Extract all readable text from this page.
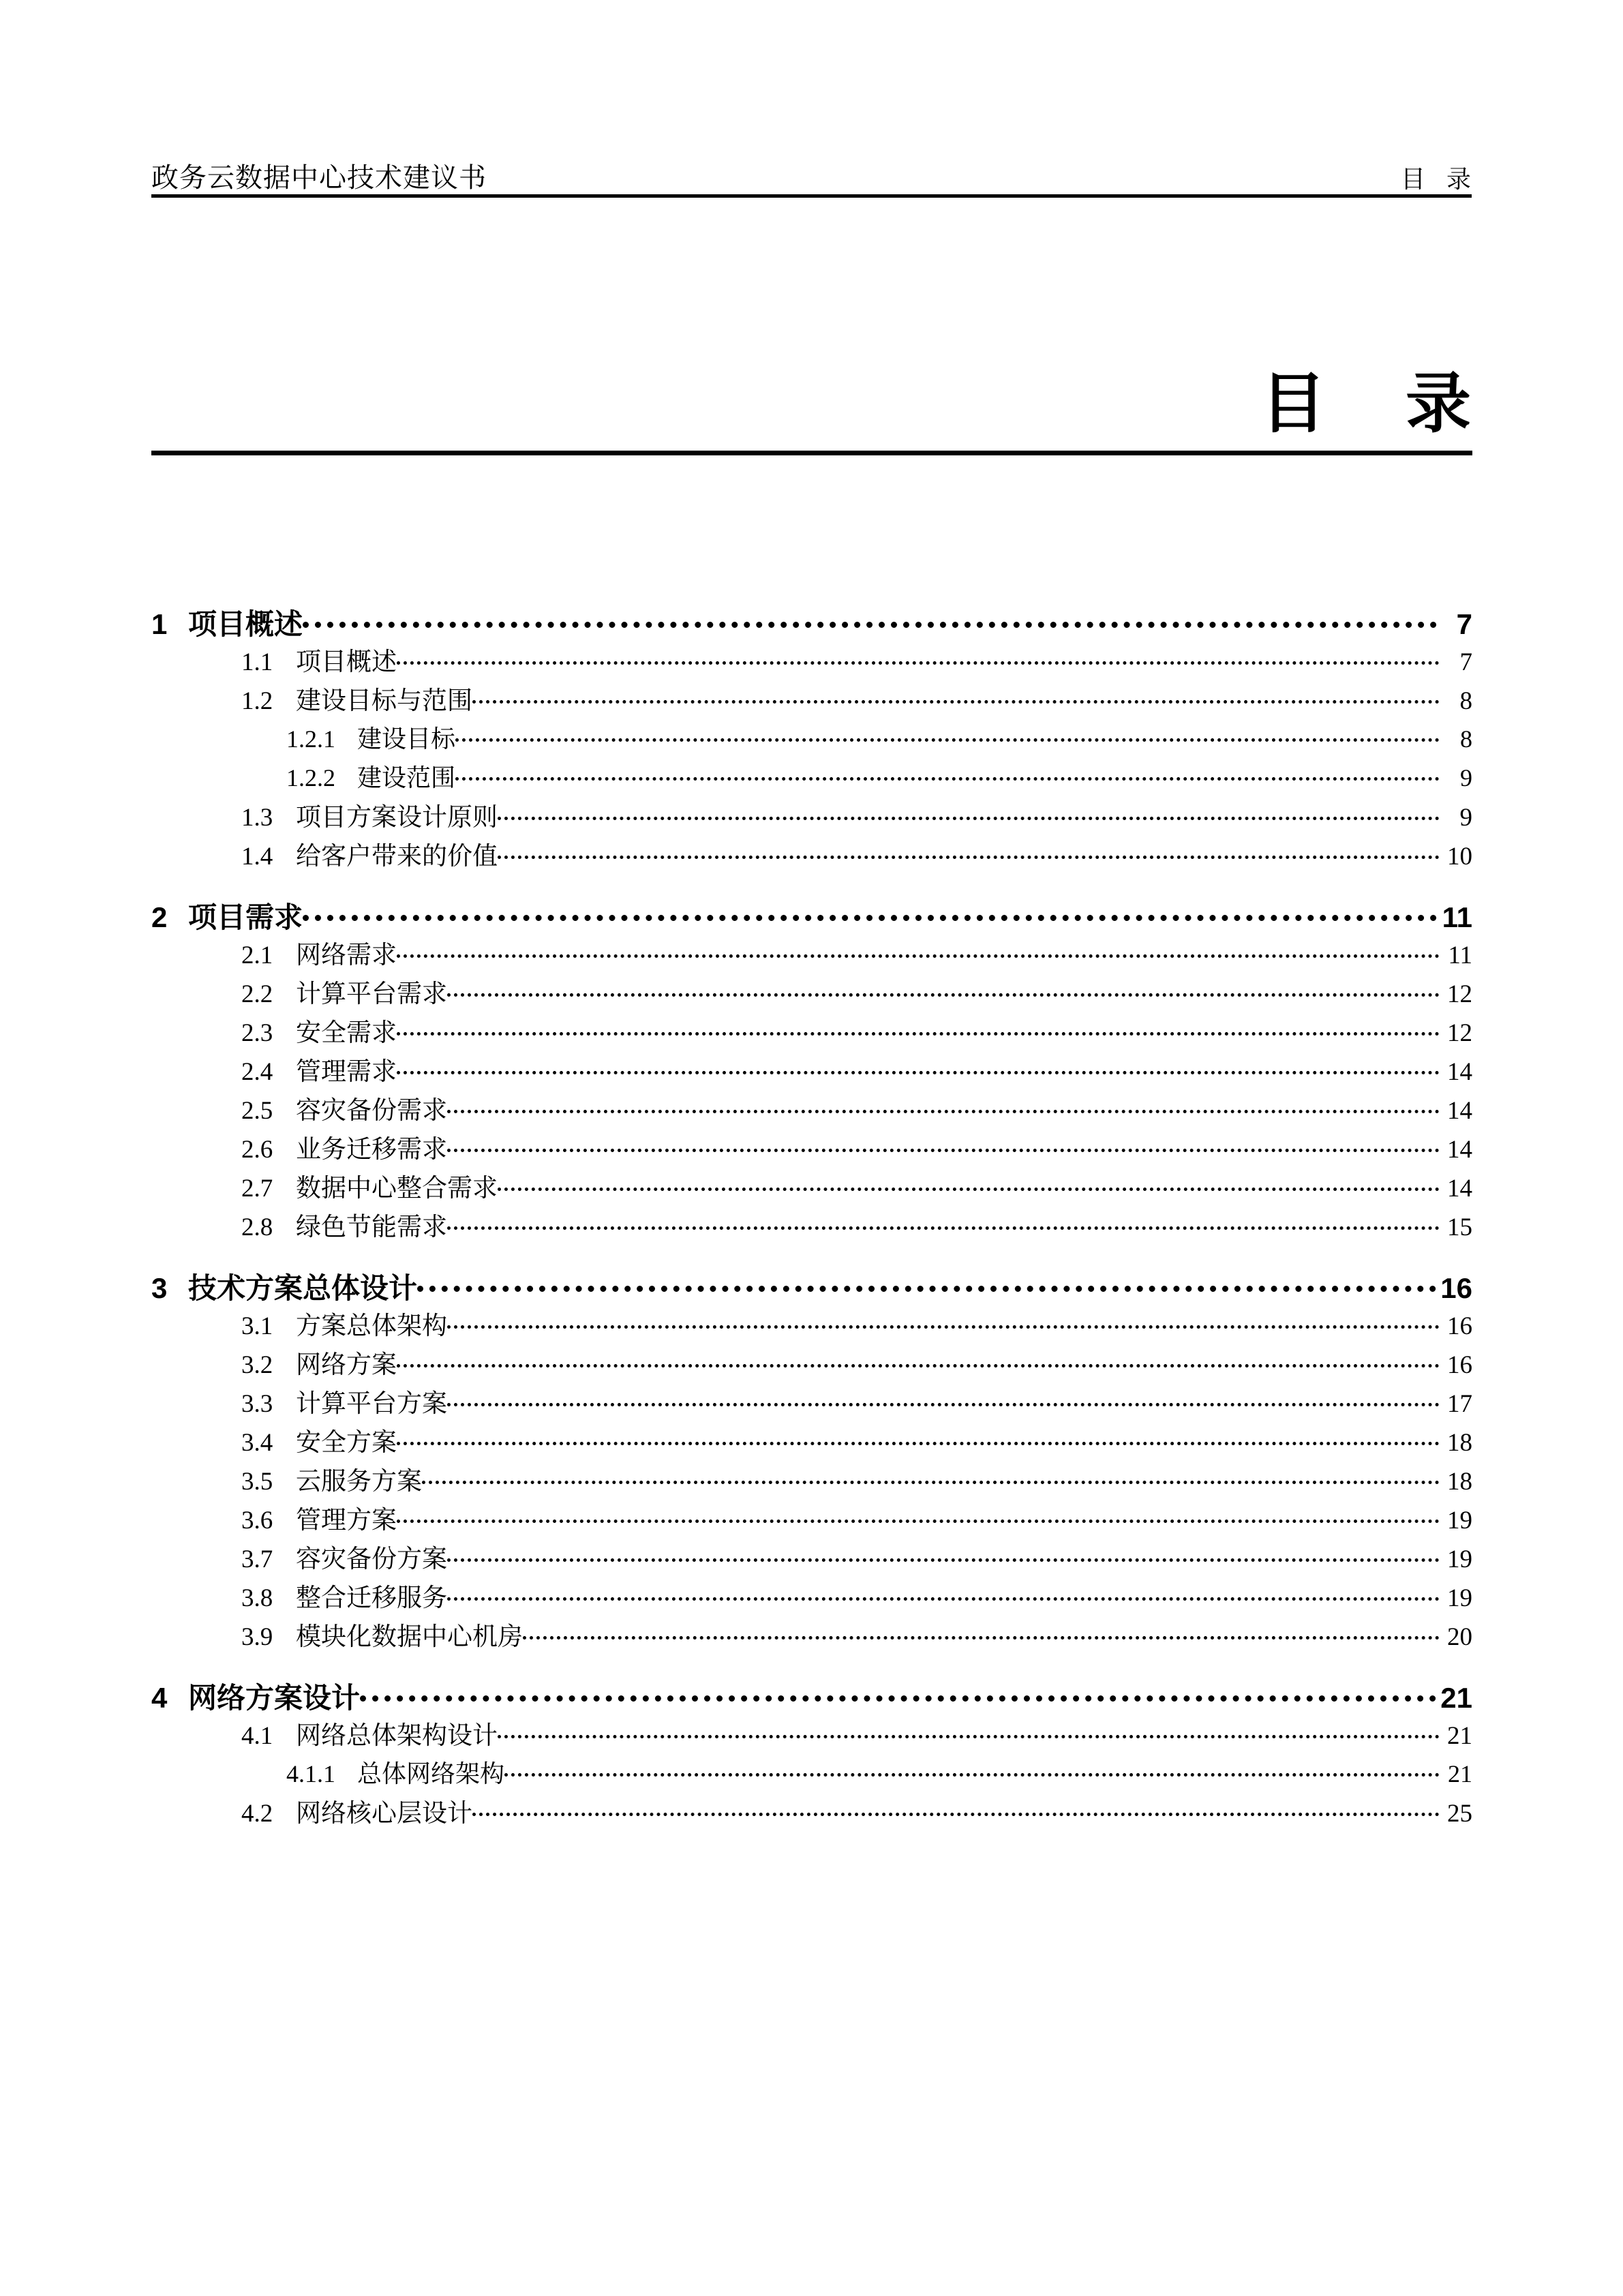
政务云数据中心技术建议书	目   录
目    录
1 项目概述	7
1.1 项目概述	7
1.2 建设目标与范围	8
1.2.1 建设目标	8
1.2.2 建设范围	9
1.3 项目方案设计原则	9
1.4 给客户带来的价值	10
2 项目需求	11
2.1 网络需求	11
2.2 计算平台需求	12
2.3 安全需求	12
2.4 管理需求	14
2.5 容灾备份需求	14
2.6 业务迁移需求	14
2.7 数据中心整合需求	14
2.8 绿色节能需求	15
3 技术方案总体设计	16
3.1 方案总体架构	16
3.2 网络方案	16
3.3 计算平台方案	17
3.4 安全方案	18
3.5 云服务方案	18
3.6 管理方案	19
3.7 容灾备份方案	19
3.8 整合迁移服务	19
3.9 模块化数据中心机房	20
4 网络方案设计	21
4.1 网络总体架构设计	21
4.1.1 总体网络架构	21
4.2 网络核心层设计	25
